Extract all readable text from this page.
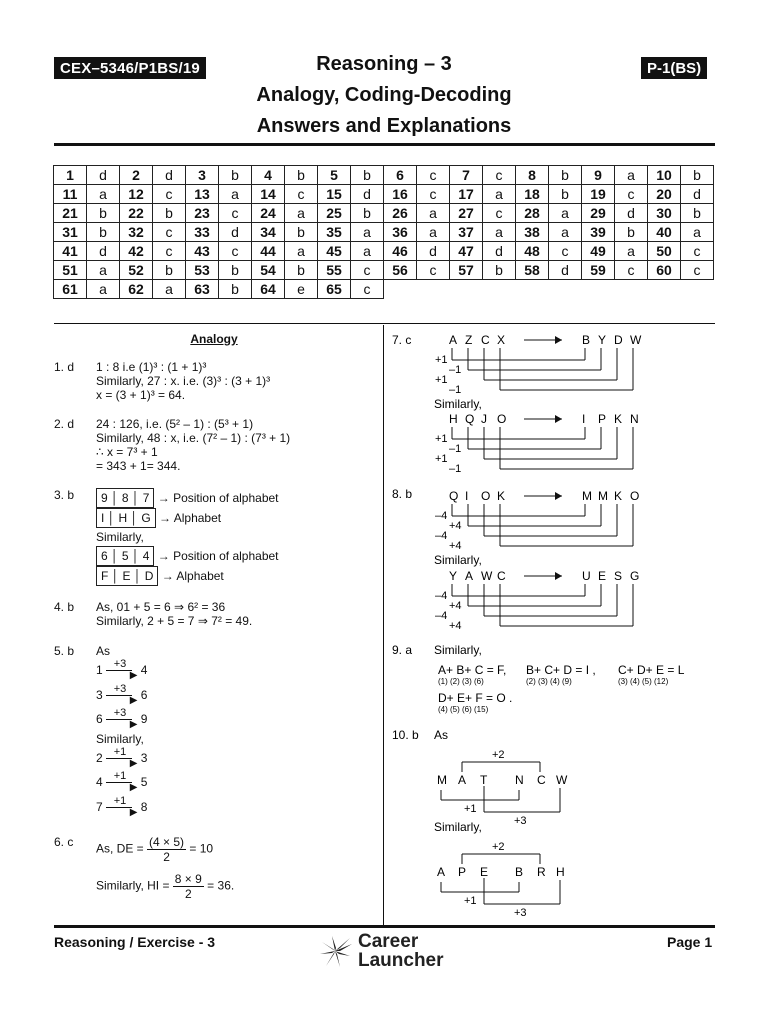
CEX–5346/P1BS/19	P-1(BS)
Reasoning – 3
Analogy, Coding-Decoding
Answers and Explanations
1	d	2	d	3	b	4	b	5	b	6	c	7	c	8	b	9	a	10	b
11	a	12	c	13	a	14	c	15	d	16	c	17	a	18	b	19	c	20	d
21	b	22	b	23	c	24	a	25	b	26	a	27	c	28	a	29	d	30	b
31	b	32	c	33	d	34	b	35	a	36	a	37	a	38	a	39	b	40	a
41	d	42	c	43	c	44	a	45	a	46	d	47	d	48	c	49	a	50	c
51	a	52	b	53	b	54	b	55	c	56	c	57	b	58	d	59	c	60	c
61	a	62	a	63	b	64	e	65	c										
Analogy
1. d 1 : 8 i.e (1)³ : (1 + 1)³
Similarly, 27 : x. i.e. (3)³ : (3 + 1)³
x = (3 + 1)³ = 64.
2. d 24 : 126, i.e. (5² – 1) : (5³ + 1)
Similarly, 48 : x, i.e. (7² – 1) : (7³ + 1)
∴ x = 7³ + 1
= 343 + 1= 344.
3. b	9 │ 8 │ 7 → Position of alphabet
I │ H │ G → Alphabet
Similarly,
6 │ 5 │ 4 → Position of alphabet
F │ E │ D → Alphabet
4. b As, 01 + 5 = 6 ⇒ 6² = 36
Similarly, 2 + 5 = 7 ⇒ 7² = 49.
5. b As
1 +3
▶ 4
3 +3
▶ 6
6 +3
▶ 9
Similarly,
2 +1
▶ 3
4 +1
▶ 5
7 +1
▶ 8
6. c As, DE = $\frac{(4 \times 5)}{2} = 10$
Similarly, HI = $\frac{8 \times 9}{2} = 36$.
7. c	A Z C X	B Y D W
+1
–1
+1
–1
Similarly,
H Q J O	I P K N
+1
–1
+1
–1
8. b	Q I O K	M M K O
–4
+4
–4
+4
Similarly,
Y A W C	U E S G
–4
+4
–4
+4
9. a Similarly,
A+ B+ C = F,
(1) (2) (3) (6)
B+ C+ D = I ,
(2) (3) (4) (9)
C+ D+ E = L
(3) (4) (5) (12)
D+ E+ F = O .
(4) (5) (6) (15)
10. b As
M A T N C W
+2
+1
+3
Similarly,
A P E B R H
+2
+1
+3
Reasoning / Exercise - 3	Career
Launcher
Page 1
